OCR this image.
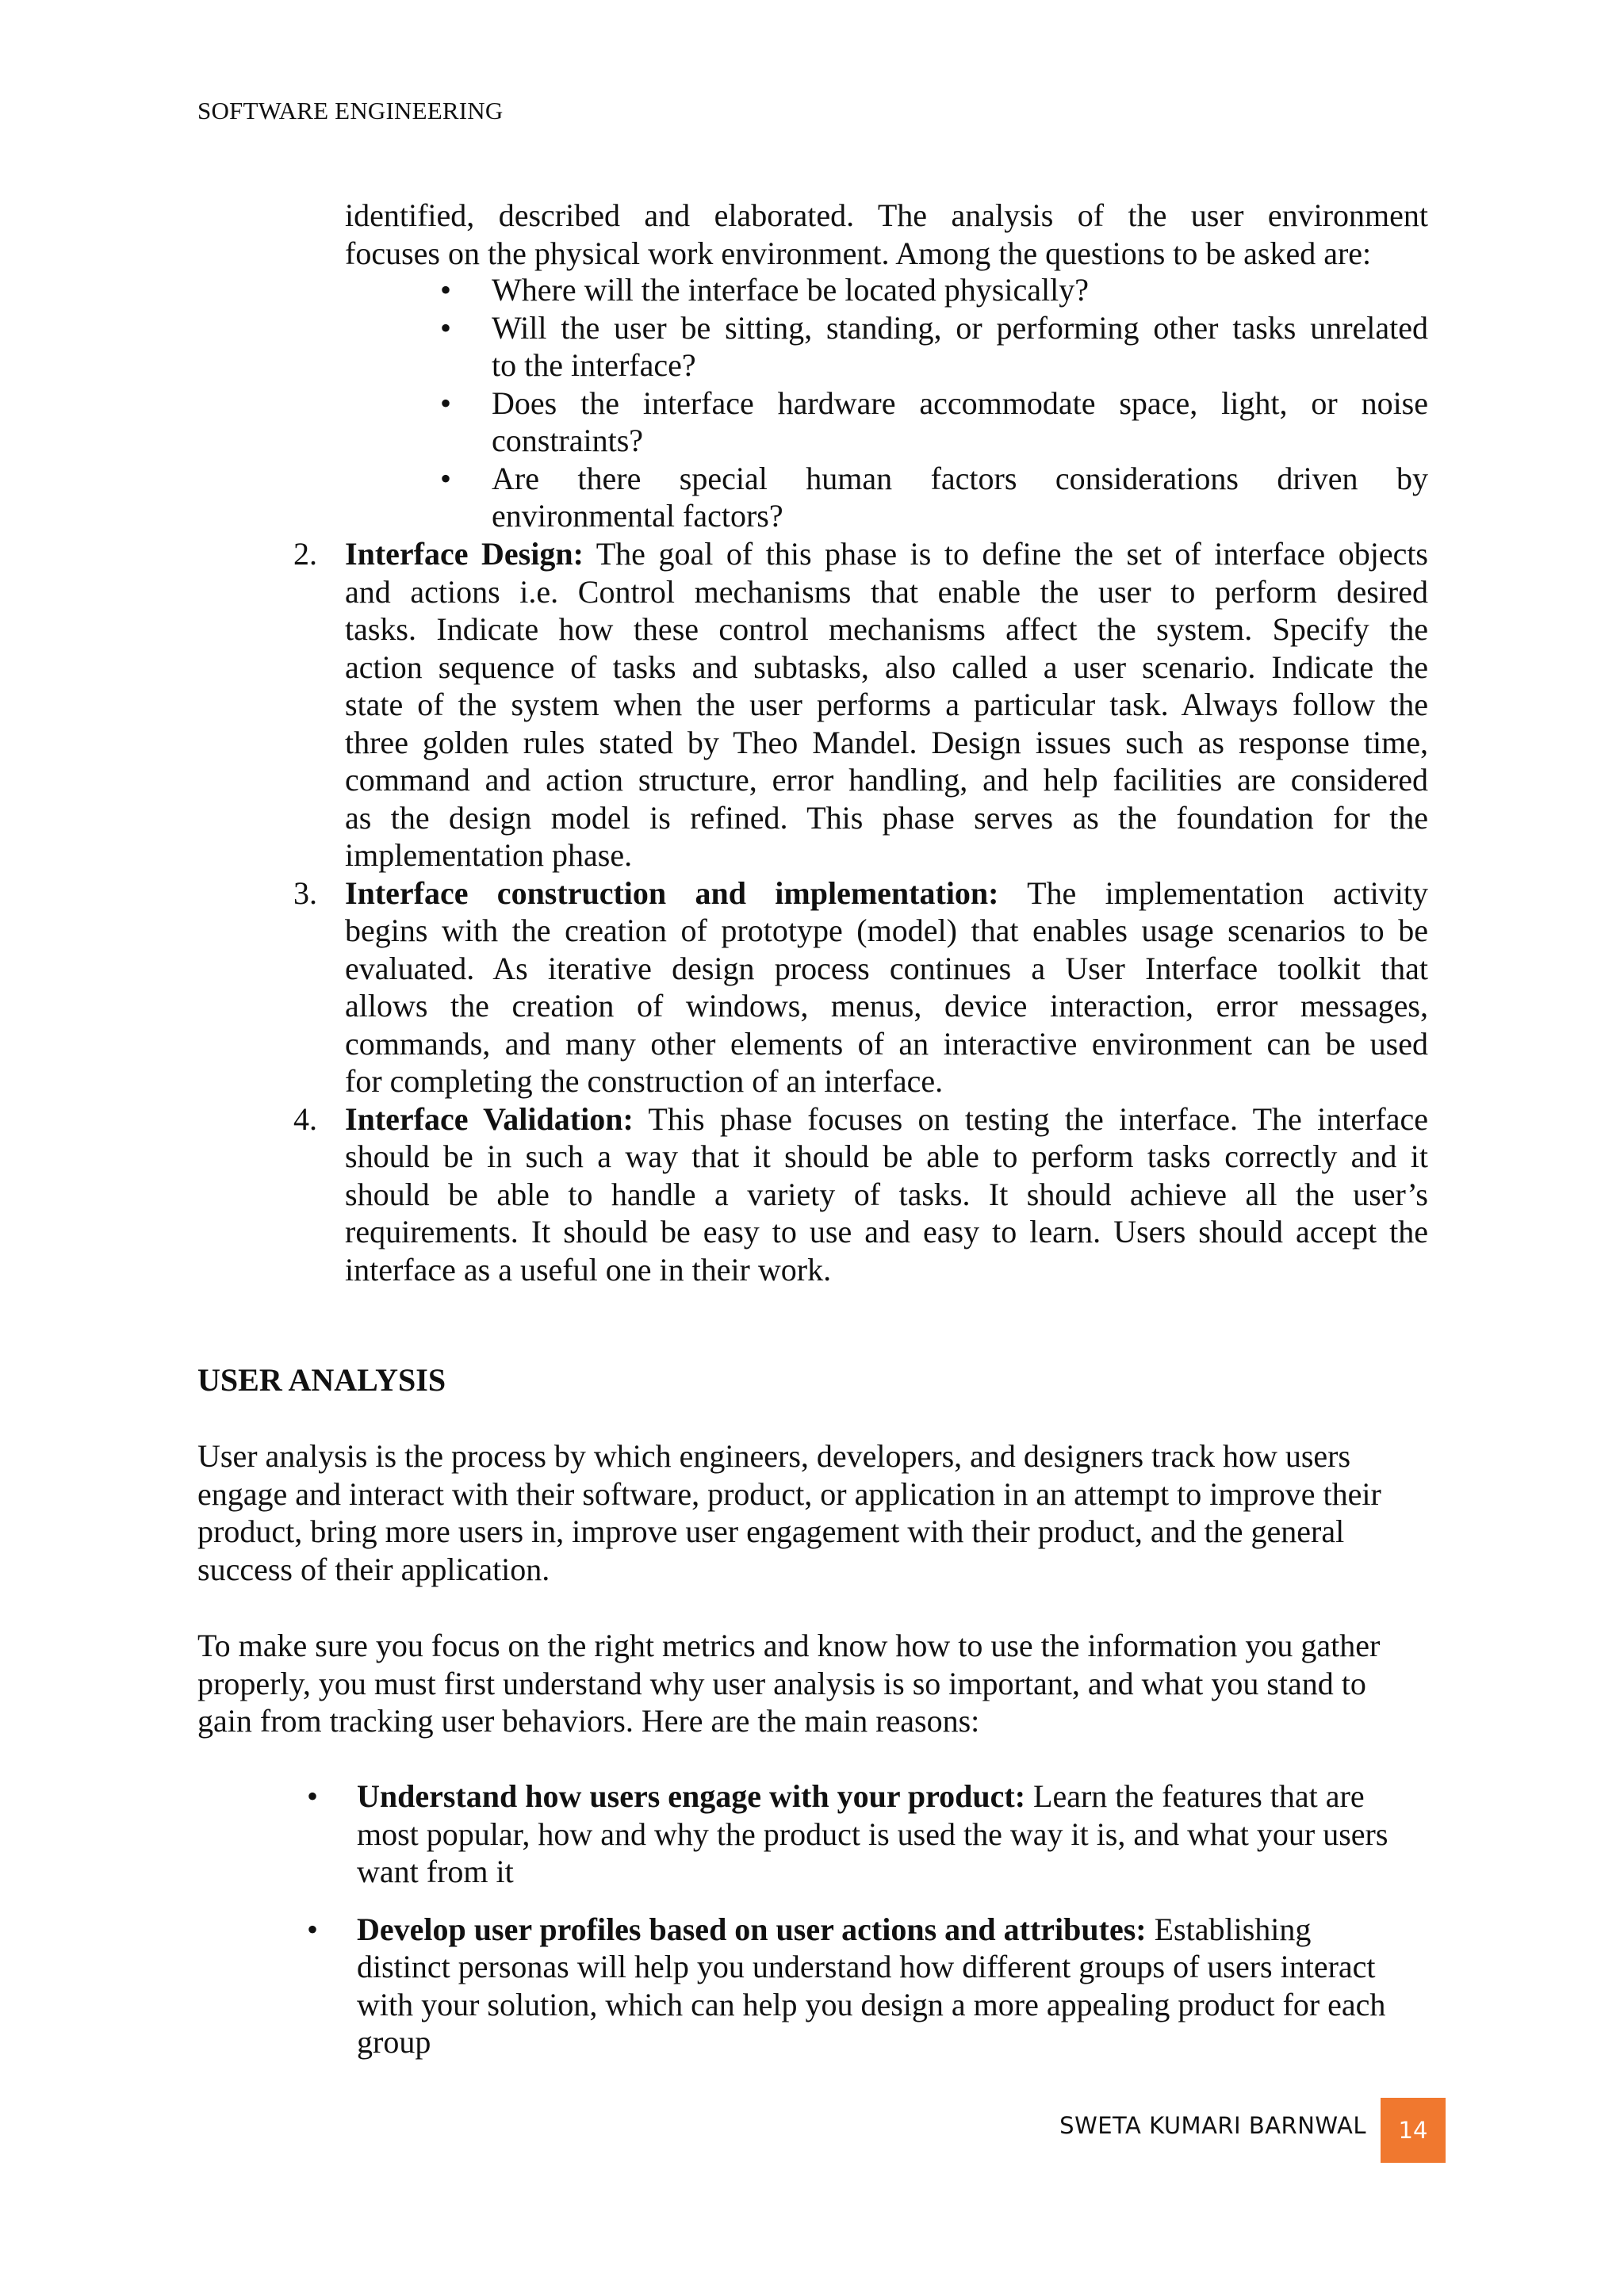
SOFTWARE ENGINEERING
identified, described and elaborated. The analysis of the user environment
focuses on the physical work environment. Among the questions to be asked are:
• Where will the interface be located physically?
• Will the user be sitting, standing, or performing other tasks unrelated
to the interface?
• Does the interface hardware accommodate space, light, or noise
constraints?
• Are there special human factors considerations driven by
environmental factors?
2. Interface Design: The goal of this phase is to define the set of interface objects
and actions i.e. Control mechanisms that enable the user to perform desired
tasks. Indicate how these control mechanisms affect the system. Specify the
action sequence of tasks and subtasks, also called a user scenario. Indicate the
state of the system when the user performs a particular task. Always follow the
three golden rules stated by Theo Mandel. Design issues such as response time,
command and action structure, error handling, and help facilities are considered
as the design model is refined. This phase serves as the foundation for the
implementation phase.
3. Interface construction and implementation: The implementation activity
begins with the creation of prototype (model) that enables usage scenarios to be
evaluated. As iterative design process continues a User Interface toolkit that
allows the creation of windows, menus, device interaction, error messages,
commands, and many other elements of an interactive environment can be used
for completing the construction of an interface.
4. Interface Validation: This phase focuses on testing the interface. The interface
should be in such a way that it should be able to perform tasks correctly and it
should be able to handle a variety of tasks. It should achieve all the user’s
requirements. It should be easy to use and easy to learn. Users should accept the
interface as a useful one in their work.
USER ANALYSIS
User analysis is the process by which engineers, developers, and designers track how users
engage and interact with their software, product, or application in an attempt to improve their
product, bring more users in, improve user engagement with their product, and the general
success of their application.
To make sure you focus on the right metrics and know how to use the information you gather
properly, you must first understand why user analysis is so important, and what you stand to
gain from tracking user behaviors. Here are the main reasons:
• Understand how users engage with your product: Learn the features that are
most popular, how and why the product is used the way it is, and what your users
want from it
• Develop user profiles based on user actions and attributes: Establishing
distinct personas will help you understand how different groups of users interact
with your solution, which can help you design a more appealing product for each
group
SWETA KUMARI BARNWAL	14
